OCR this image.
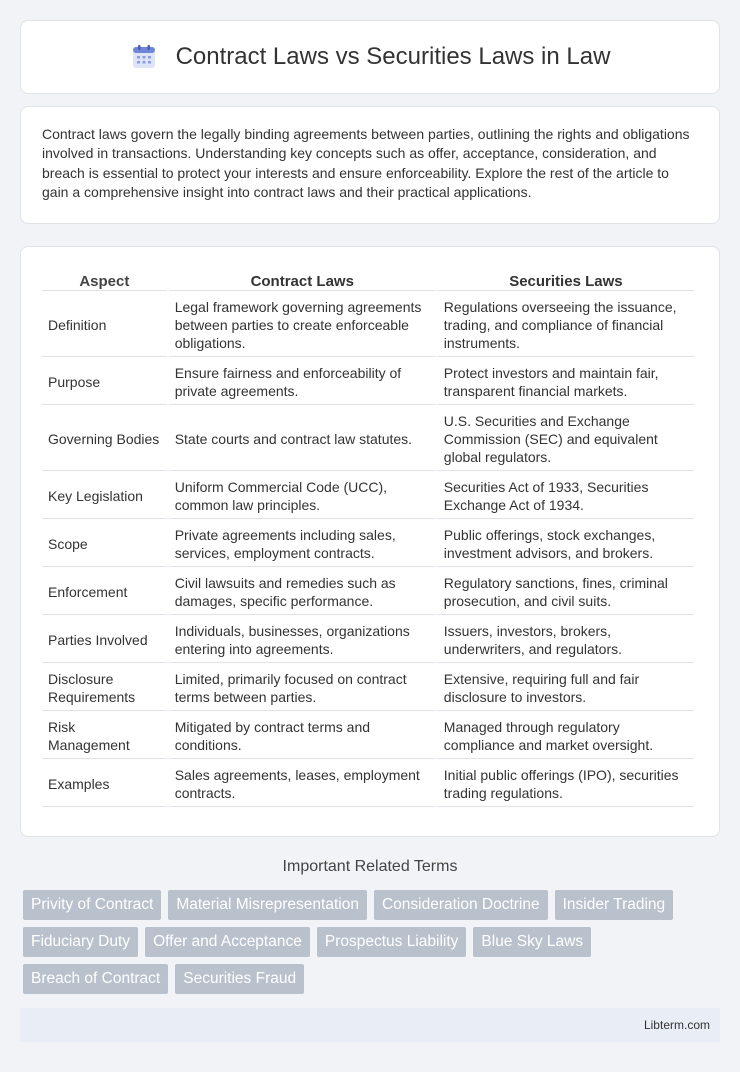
Contract Laws vs Securities Laws in Law

Contract laws govern the legally binding agreements between parties, outlining the rights and obligations involved in transactions. Understanding key concepts such as offer, acceptance, consideration, and breach is essential to protect your interests and ensure enforceability. Explore the rest of the article to gain a comprehensive insight into contract laws and their practical applications.

Aspect	Contract Laws	Securities Laws
Definition	Legal framework governing agreements between parties to create enforceable obligations.	Regulations overseeing the issuance, trading, and compliance of financial instruments.
Purpose	Ensure fairness and enforceability of private agreements.	Protect investors and maintain fair, transparent financial markets.
Governing Bodies	State courts and contract law statutes.	U.S. Securities and Exchange Commission (SEC) and equivalent global regulators.
Key Legislation	Uniform Commercial Code (UCC), common law principles.	Securities Act of 1933, Securities Exchange Act of 1934.
Scope	Private agreements including sales, services, employment contracts.	Public offerings, stock exchanges, investment advisors, and brokers.
Enforcement	Civil lawsuits and remedies such as damages, specific performance.	Regulatory sanctions, fines, criminal prosecution, and civil suits.
Parties Involved	Individuals, businesses, organizations entering into agreements.	Issuers, investors, brokers, underwriters, and regulators.
Disclosure Requirements	Limited, primarily focused on contract terms between parties.	Extensive, requiring full and fair disclosure to investors.
Risk Management	Mitigated by contract terms and conditions.	Managed through regulatory compliance and market oversight.
Examples	Sales agreements, leases, employment contracts.	Initial public offerings (IPO), securities trading regulations.
Important Related Terms
Privity of Contract	Material Misrepresentation	Consideration Doctrine	Insider Trading
Fiduciary Duty	Offer and Acceptance	Prospectus Liability	Blue Sky Laws
Breach of Contract	Securities Fraud
Libterm.com
